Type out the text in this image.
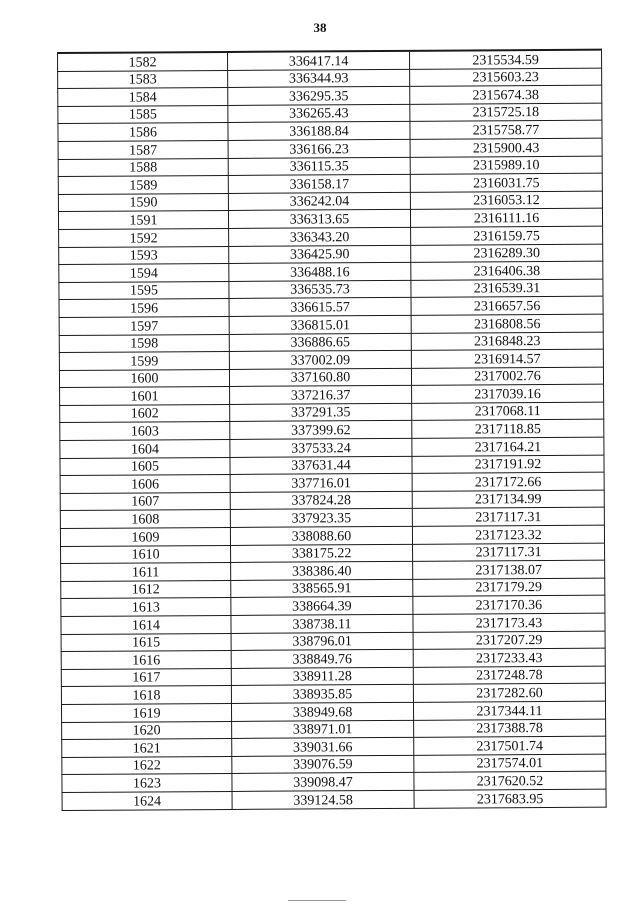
38
1582	336417.14	2315534.59
1583	336344.93	2315603.23
1584	336295.35	2315674.38
1585	336265.43	2315725.18
1586	336188.84	2315758.77
1587	336166.23	2315900.43
1588	336115.35	2315989.10
1589	336158.17	2316031.75
1590	336242.04	2316053.12
1591	336313.65	2316111.16
1592	336343.20	2316159.75
1593	336425.90	2316289.30
1594	336488.16	2316406.38
1595	336535.73	2316539.31
1596	336615.57	2316657.56
1597	336815.01	2316808.56
1598	336886.65	2316848.23
1599	337002.09	2316914.57
1600	337160.80	2317002.76
1601	337216.37	2317039.16
1602	337291.35	2317068.11
1603	337399.62	2317118.85
1604	337533.24	2317164.21
1605	337631.44	2317191.92
1606	337716.01	2317172.66
1607	337824.28	2317134.99
1608	337923.35	2317117.31
1609	338088.60	2317123.32
1610	338175.22	2317117.31
1611	338386.40	2317138.07
1612	338565.91	2317179.29
1613	338664.39	2317170.36
1614	338738.11	2317173.43
1615	338796.01	2317207.29
1616	338849.76	2317233.43
1617	338911.28	2317248.78
1618	338935.85	2317282.60
1619	338949.68	2317344.11
1620	338971.01	2317388.78
1621	339031.66	2317501.74
1622	339076.59	2317574.01
1623	339098.47	2317620.52
1624	339124.58	2317683.95
